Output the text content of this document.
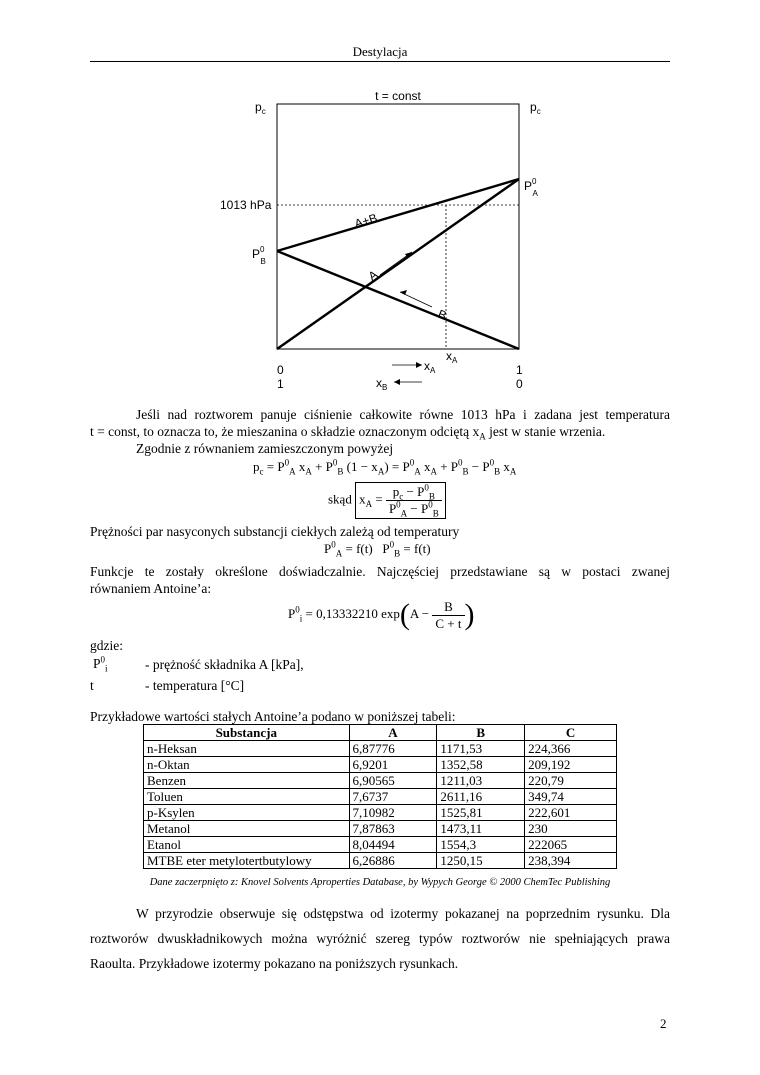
Destylacja
t = const
$p_c$	$p_c$
1013 hPa
$P^0$ A
$P^0$ B
A+B
A
B
$x_A$
0
1
1
0
$x_A$
$x_B$
Jeśli nad roztworem panuje ciśnienie całkowite równe 1013 hPa i zadana jest temperatura
t = const, to oznacza to, że mieszanina o składzie oznaczonym odciętą $x_A$ jest w stanie wrzenia.
Zgodnie z równaniem zamieszczonym powyżej
$p_c = P^0_A$ $x_A + P^0_B$ $(1 - x_A) = P^0_A$ $x_A + P^0_B - P^0_B$ $x_A$
skąd $x_A = \frac{p_c - P^0_B}{P^0_A - P^0_B}$
Prężności par nasyconych substancji ciekłych zależą od temperatury
$P^0_A = f(t) P^0_B = f(t)$
Funkcje te zostały określone doświadczalnie. Najczęściej przedstawiane są w postaci zwanej
równaniem Antoine’a:
$P^0_i = 0,13332210$ $\exp(A - \frac{B}{C + t}$ )
gdzie:
$P^0_i$	- prężność składnika A [kPa],
t	- temperatura [°C]
Przykładowe wartości stałych Antoine’a podano w poniższej tabeli:
Substancja	A	B	C
n-Heksan	6,87776	1171,53	224,366
n-Oktan	6,9201	1352,58	209,192
Benzen	6,90565	1211,03	220,79
Toluen	7,6737	2611,16	349,74
p-Ksylen	7,10982	1525,81	222,601
Metanol	7,87863	1473,11	230
Etanol	8,04494	1554,3	222065
MTBE eter metylotertbutylowy	6,26886	1250,15	238,394
Dane zaczerpnięto z: Knovel Solvents Aproperties Database, by Wypych George © 2000 ChemTec Publishing
W przyrodzie obserwuje się odstępstwa od izotermy pokazanej na poprzednim rysunku. Dla
roztworów dwuskładnikowych można wyróżnić szereg typów roztworów nie spełniających prawa
Raoulta. Przykładowe izotermy pokazano na poniższych rysunkach.
2
